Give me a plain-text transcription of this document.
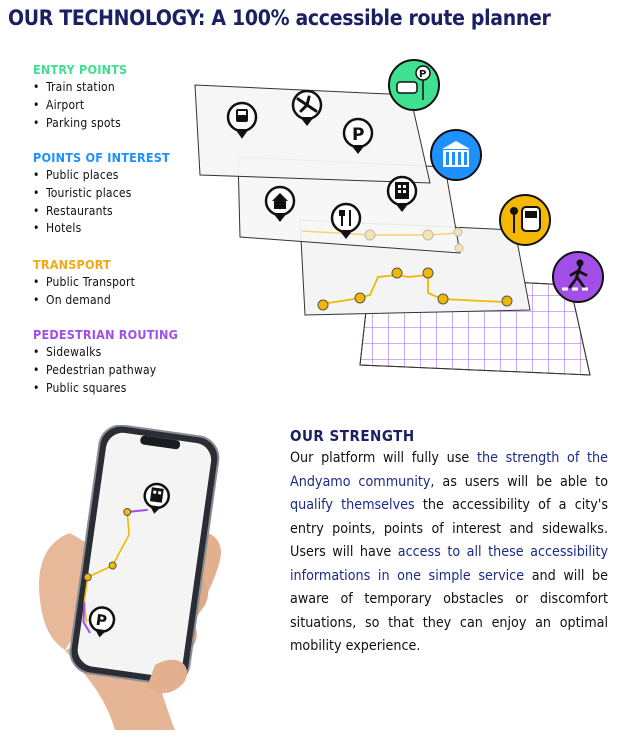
OUR TECHNOLOGY: A 100% accessible route planner
ENTRY POINTS
• Train station
• Airport
• Parking spots
POINTS OF INTEREST
• Public places
• Touristic places
• Restaurants
• Hotels
TRANSPORT
• Public Transport
• On demand
PEDESTRIAN ROUTING
• Sidewalks
• Pedestrian pathway
• Public squares
P
P
P
OUR STRENGTH
Our platform will fully use the strength of the Andyamo community, as users will be able to qualify themselves the accessibility of a city's entry points, points of interest and sidewalks. Users will have access to all these accessibility informations in one simple service and will be aware of temporary obstacles or discomfort situations, so that they can enjoy an optimal mobility experience.
